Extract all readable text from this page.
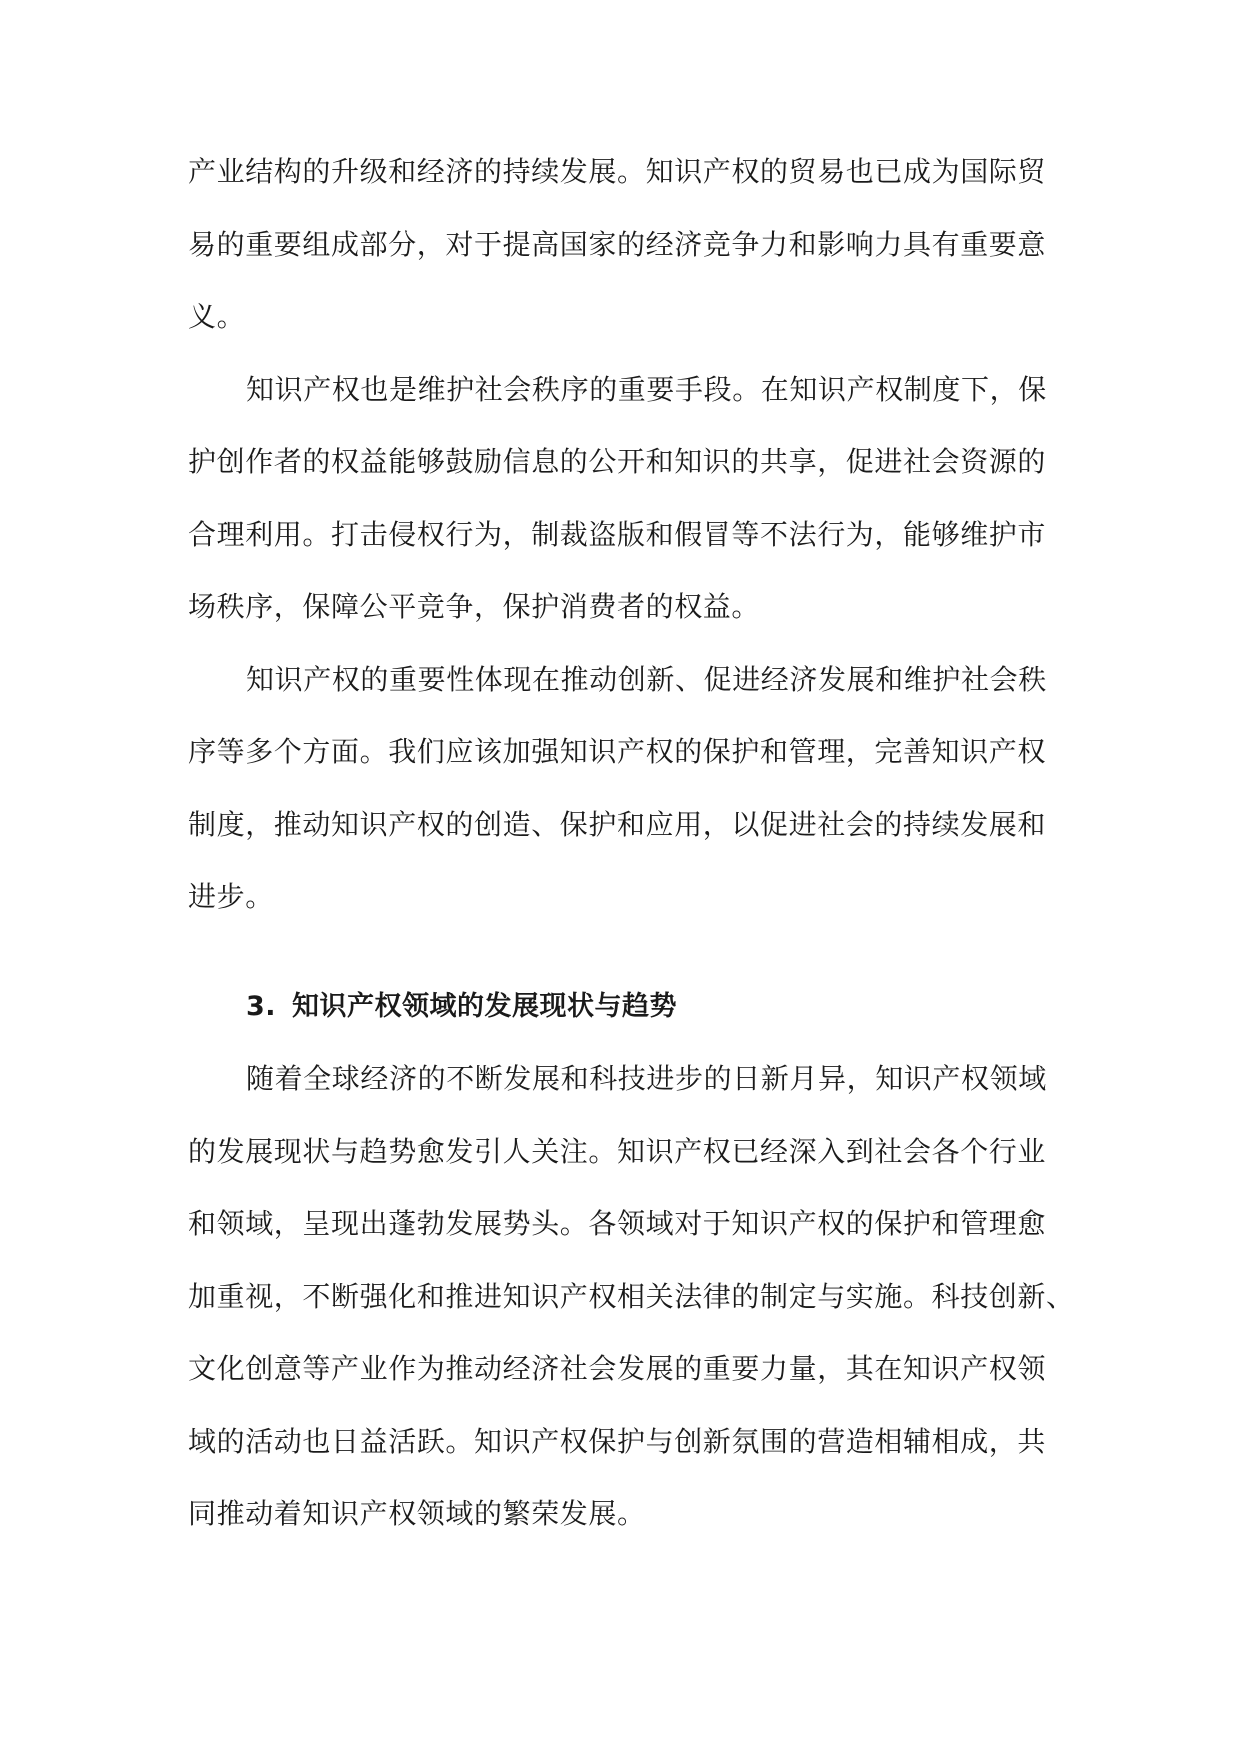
产业结构的升级和经济的持续发展。知识产权的贸易也已成为国际贸
易的重要组成部分，对于提高国家的经济竞争力和影响力具有重要意
义。

知识产权也是维护社会秩序的重要手段。在知识产权制度下，保
护创作者的权益能够鼓励信息的公开和知识的共享，促进社会资源的
合理利用。打击侵权行为，制裁盗版和假冒等不法行为，能够维护市
场秩序，保障公平竞争，保护消费者的权益。

知识产权的重要性体现在推动创新、促进经济发展和维护社会秩
序等多个方面。我们应该加强知识产权的保护和管理，完善知识产权
制度，推动知识产权的创造、保护和应用，以促进社会的持续发展和
进步。

3. 知识产权领域的发展现状与趋势

随着全球经济的不断发展和科技进步的日新月异，知识产权领域
的发展现状与趋势愈发引人关注。知识产权已经深入到社会各个行业
和领域，呈现出蓬勃发展势头。各领域对于知识产权的保护和管理愈
加重视，不断强化和推进知识产权相关法律的制定与实施。科技创新、
文化创意等产业作为推动经济社会发展的重要力量，其在知识产权领
域的活动也日益活跃。知识产权保护与创新氛围的营造相辅相成，共
同推动着知识产权领域的繁荣发展。
